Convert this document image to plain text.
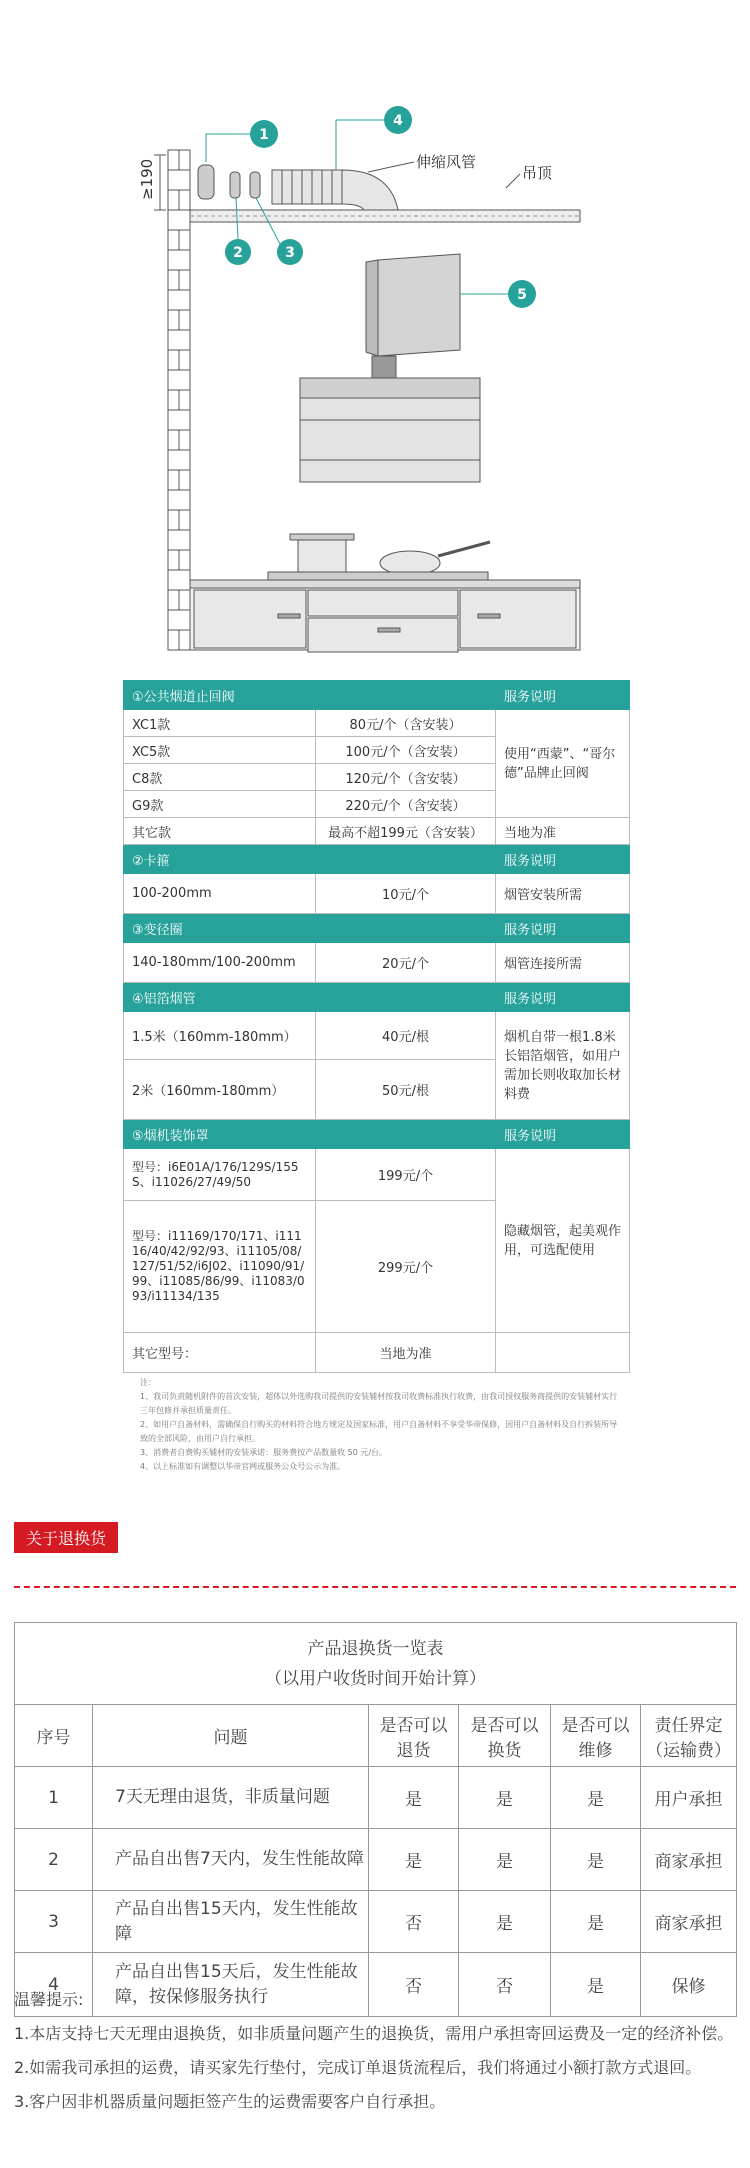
≥190	伸缩风管
吊顶
1
2	3
4
5
①公共烟道止回阀		服务说明
XC1款	80元/个（含安装）	使用“西蒙”、“哥尔德”品牌止回阀
XC5款	100元/个（含安装）	
C8款	120元/个（含安装）	
G9款	220元/个（含安装）	
其它款	最高不超199元（含安装）	当地为准
②卡箍		服务说明
100-200mm	10元/个	烟管安装所需
③变径圈		服务说明
140-180mm/100-200mm	20元/个	烟管连接所需
④铝箔烟管		服务说明
1.5米（160mm-180mm）	40元/根	烟机自带一根1.8米长铝箔烟管，如用户需加长则收取加长材料费
2米（160mm-180mm）	50元/根	
⑤烟机装饰罩		服务说明
型号：i6E01A/176/129S/155S、i11026/27/49/50	199元/个	隐藏烟管，起美观作用，可选配使用
型号：i11169/170/171、i11116/40/42/92/93、i11105/08/127/51/52/i6J02、i11090/91/99、i11085/86/99、i11083/093/i11134/135	299元/个	
其它型号：	当地为准	
注：
1、我司负责随机附件的首次安装，超体以外选购我司提供的安装辅材按我司收费标准执行收费，由我司授权服务商提供的安装辅材实行三年包修并承担质量责任。
2、如用户自备材料，需确保自行购买的材料符合地方规定及国家标准，用户自备材料不享受华帝保修，因用户自备材料及自行拆装所导致的全部风险，由用户自行承担。
3、消费者自费购买辅材的安装承诺：服务费按产品数量收 50 元/台。
4、以上标准如有调整以华帝官网或服务公众号公示为准。
关于退换货
产品退换货一览表
（以用户收货时间开始计算）					

序号	问题	是否可以退货	是否可以换货	是否可以维修	责任界定（运输费）
1	7天无理由退货，非质量问题	是	是	是	用户承担
2	产品自出售7天内，发生性能故障	是	是	是	商家承担
3	产品自出售15天内，发生性能故障	否	是	是	商家承担
4	产品自出售15天后，发生性能故障，按保修服务执行	否	否	是	保修
温馨提示:
1.本店支持七天无理由退换货，如非质量问题产生的退换货，需用户承担寄回运费及一定的经济补偿。
2.如需我司承担的运费，请买家先行垫付，完成订单退货流程后，我们将通过小额打款方式退回。
3.客户因非机器质量问题拒签产生的运费需要客户自行承担。
